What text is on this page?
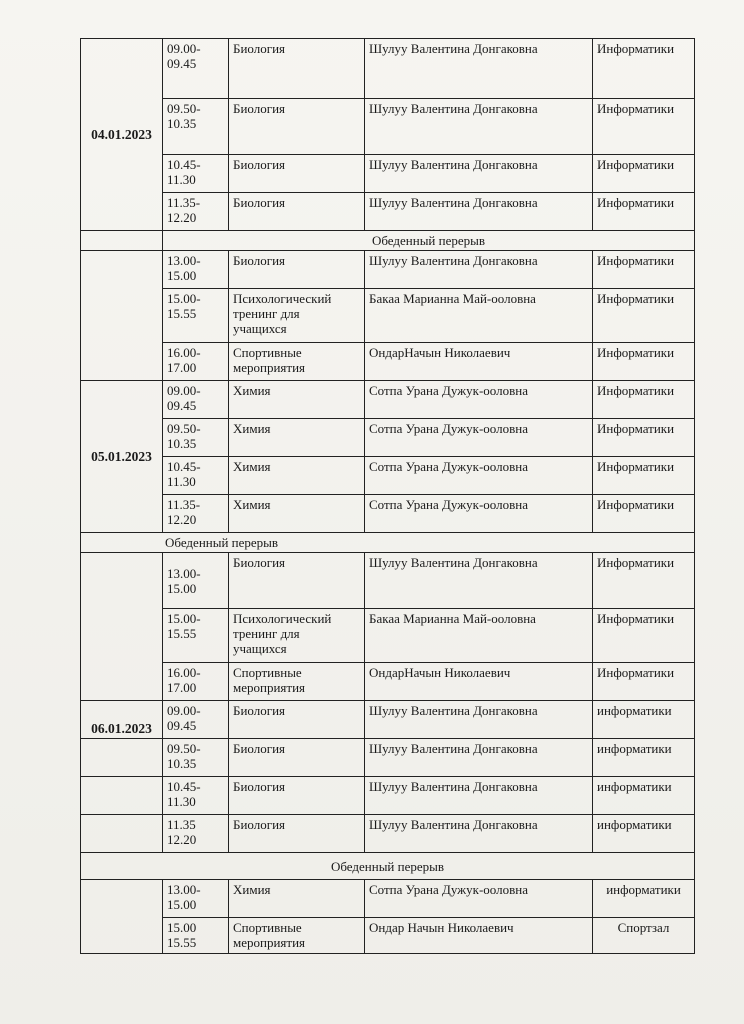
04.01.2023	09.00-
09.45	Биология	Шулуу Валентина Донгаковна	Информатики
	09.50-
10.35	Биология	Шулуу Валентина Донгаковна	Информатики
	10.45-
11.30	Биология	Шулуу Валентина Донгаковна	Информатики
	11.35-
12.20	Биология	Шулуу Валентина Донгаковна	Информатики
	Обеденный перерыв			
	13.00-
15.00	Биология	Шулуу Валентина Донгаковна	Информатики
	15.00-
15.55	Психологический
тренинг для
учащихся	Бакаа Марианна Май-ооловна	Информатики
	16.00-
17.00	Спортивные
мероприятия	ОндарНачын Николаевич	Информатики
05.01.2023	09.00-
09.45	Химия	Сотпа Урана Дужук-ооловна	Информатики
	09.50-
10.35	Химия	Сотпа Урана Дужук-ооловна	Информатики
	10.45-
11.30	Химия	Сотпа Урана Дужук-ооловна	Информатики
	11.35-
12.20	Химия	Сотпа Урана Дужук-ооловна	Информатики
Обеденный перерыв				
	13.00-
15.00	Биология	Шулуу Валентина Донгаковна	Информатики
	15.00-
15.55	Психологический
тренинг для
учащихся	Бакаа Марианна Май-ооловна	Информатики
	16.00-
17.00	Спортивные
мероприятия	ОндарНачын Николаевич	Информатики
06.01.2023	09.00-
09.45	Биология	Шулуу Валентина Донгаковна	информатики
	09.50-
10.35	Биология	Шулуу Валентина Донгаковна	информатики
	10.45-
11.30	Биология	Шулуу Валентина Донгаковна	информатики
	11.35
12.20	Биология	Шулуу Валентина Донгаковна	информатики
Обеденный перерыв				
	13.00-
15.00	Химия	Сотпа Урана Дужук-ооловна	информатики
	15.00
15.55	Спортивные
мероприятия	Ондар Начын Николаевич	Спортзал
